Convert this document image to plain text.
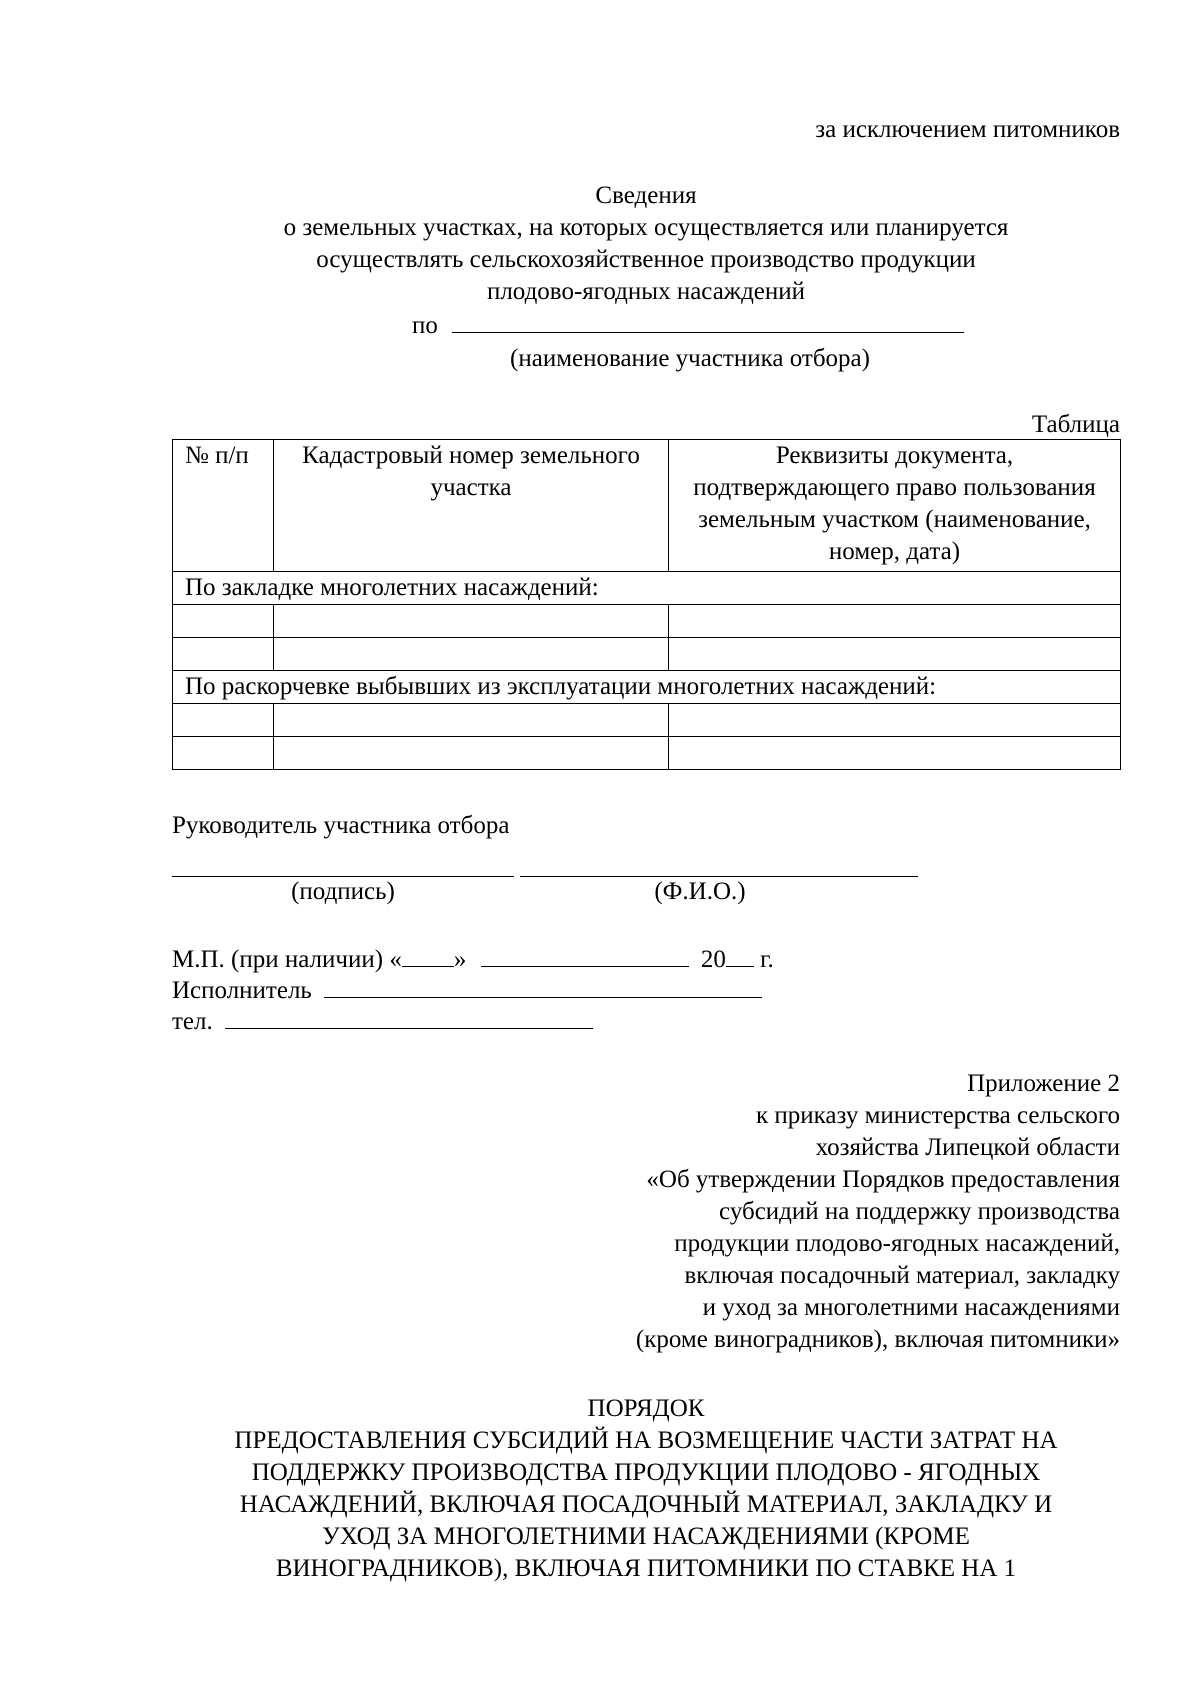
за исключением питомников
Сведения
о земельных участках, на которых осуществляется или планируется
осуществлять сельскохозяйственное производство продукции
плодово-ягодных насаждений
по
(наименование участника отбора)
Таблица
№ п/п	Кадастровый номер земельного участка	Реквизиты документа, подтверждающего право пользования земельным участком (наименование, номер, дата)
По закладке многолетних насаждений:		

По раскорчевке выбывших из эксплуатации многолетних насаждений:		

Руководитель участника отбора
(подпись)	(Ф.И.О.)
М.П. (при наличии) « »	20 г.
Исполнитель
тел.
Приложение 2
к приказу министерства сельского
хозяйства Липецкой области
«Об утверждении Порядков предоставления
субсидий на поддержку производства
продукции плодово-ягодных насаждений,
включая посадочный материал, закладку
и уход за многолетними насаждениями
(кроме виноградников), включая питомники»
ПОРЯДОК
ПРЕДОСТАВЛЕНИЯ СУБСИДИЙ НА ВОЗМЕЩЕНИЕ ЧАСТИ ЗАТРАТ НА
ПОДДЕРЖКУ ПРОИЗВОДСТВА ПРОДУКЦИИ ПЛОДОВО - ЯГОДНЫХ
НАСАЖДЕНИЙ, ВКЛЮЧАЯ ПОСАДОЧНЫЙ МАТЕРИАЛ, ЗАКЛАДКУ И
УХОД ЗА МНОГОЛЕТНИМИ НАСАЖДЕНИЯМИ (КРОМЕ
ВИНОГРАДНИКОВ), ВКЛЮЧАЯ ПИТОМНИКИ ПО СТАВКЕ НА 1
